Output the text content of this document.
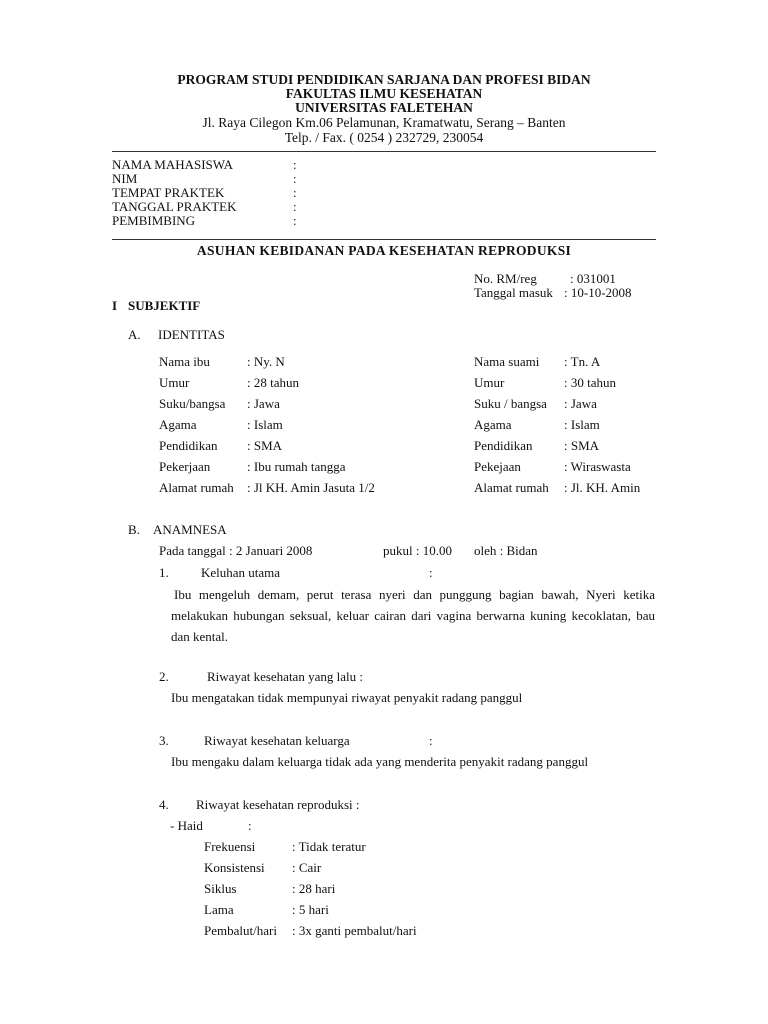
PROGRAM STUDI PENDIDIKAN SARJANA DAN PROFESI BIDAN
FAKULTAS ILMU KESEHATAN
UNIVERSITAS FALETEHAN
Jl. Raya Cilegon Km.06 Pelamunan, Kramatwatu, Serang – Banten
Telp. / Fax. ( 0254 ) 232729, 230054
NAMA MAHASISWA	:
NIM	:
TEMPAT PRAKTEK	:
TANGGAL PRAKTEK	:
PEMBIMBING	:
ASUHAN KEBIDANAN PADA KESEHATAN REPRODUKSI
No. RM/reg	: 031001
Tanggal masuk : 10-10-2008
I SUBJEKTIF
A. IDENTITAS
Nama ibu	: Ny. N
Umur	: 28 tahun
Suku/bangsa : Jawa
Agama	: Islam
Pendidikan : SMA
Pekerjaan	: Ibu rumah tangga
Alamat rumah : Jl KH. Amin Jasuta 1/2
Nama suami : Tn. A
Umur	: 30 tahun
Suku / bangsa : Jawa
Agama	: Islam
Pendidikan : SMA
Pekejaan	: Wiraswasta
Alamat rumah : Jl. KH. Amin
B. ANAMNESA
Pada tanggal : 2 Januari 2008	pukul : 10.00 oleh : Bidan
1. Keluhan utama	:
Ibu mengeluh demam, perut terasa nyeri dan punggung bagian bawah, Nyeri ketika melakukan hubungan seksual, keluar cairan dari vagina berwarna kuning kecoklatan, bau dan kental.
2.	Riwayat kesehatan yang lalu :
Ibu mengatakan tidak mempunyai riwayat penyakit radang panggul
3.	Riwayat kesehatan keluarga	:
Ibu mengaku dalam keluarga tidak ada yang menderita penyakit radang panggul
4. Riwayat kesehatan reproduksi :
- Haid	:
Frekuensi	: Tidak teratur
Konsistensi : Cair
Siklus	: 28 hari
Lama	: 5 hari
Pembalut/hari : 3x ganti pembalut/hari
